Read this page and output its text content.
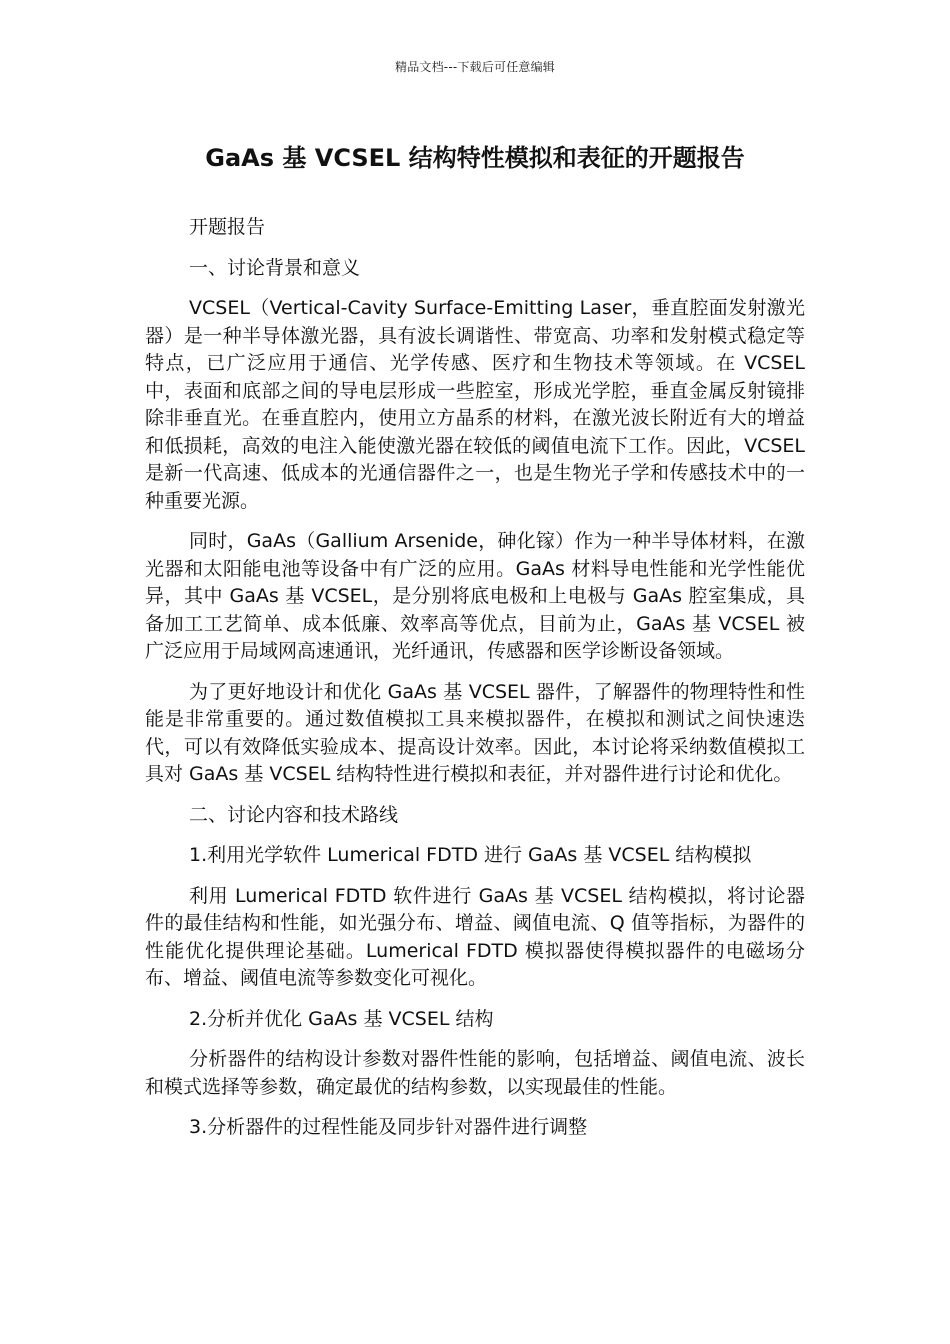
精品文档---下载后可任意编辑
GaAs 基 VCSEL 结构特性模拟和表征的开题报告

开题报告

一、讨论背景和意义

VCSEL（Vertical-Cavity Surface-Emitting Laser，垂直腔面发射激光器）是一种半导体激光器，具有波长调谐性、带宽高、功率和发射模式稳定等特点，已广泛应用于通信、光学传感、医疗和生物技术等领域。在 VCSEL 中，表面和底部之间的导电层形成一些腔室，形成光学腔，垂直金属反射镜排除非垂直光。在垂直腔内，使用立方晶系的材料，在激光波长附近有大的增益和低损耗，高效的电注入能使激光器在较低的阈值电流下工作。因此，VCSEL 是新一代高速、低成本的光通信器件之一，也是生物光子学和传感技术中的一种重要光源。

同时，GaAs（Gallium Arsenide，砷化镓）作为一种半导体材料，在激光器和太阳能电池等设备中有广泛的应用。GaAs 材料导电性能和光学性能优异，其中 GaAs 基 VCSEL，是分别将底电极和上电极与 GaAs 腔室集成，具备加工工艺简单、成本低廉、效率高等优点，目前为止，GaAs 基 VCSEL 被广泛应用于局域网高速通讯，光纤通讯，传感器和医学诊断设备领域。

为了更好地设计和优化 GaAs 基 VCSEL 器件，了解器件的物理特性和性能是非常重要的。通过数值模拟工具来模拟器件，在模拟和测试之间快速迭代，可以有效降低实验成本、提高设计效率。因此，本讨论将采纳数值模拟工具对 GaAs 基 VCSEL 结构特性进行模拟和表征，并对器件进行讨论和优化。

二、讨论内容和技术路线

1.利用光学软件 Lumerical FDTD 进行 GaAs 基 VCSEL 结构模拟

利用 Lumerical FDTD 软件进行 GaAs 基 VCSEL 结构模拟，将讨论器件的最佳结构和性能，如光强分布、增益、阈值电流、Q 值等指标，为器件的性能优化提供理论基础。Lumerical FDTD 模拟器使得模拟器件的电磁场分布、增益、阈值电流等参数变化可视化。

2.分析并优化 GaAs 基 VCSEL 结构

分析器件的结构设计参数对器件性能的影响，包括增益、阈值电流、波长和模式选择等参数，确定最优的结构参数，以实现最佳的性能。

3.分析器件的过程性能及同步针对器件进行调整
